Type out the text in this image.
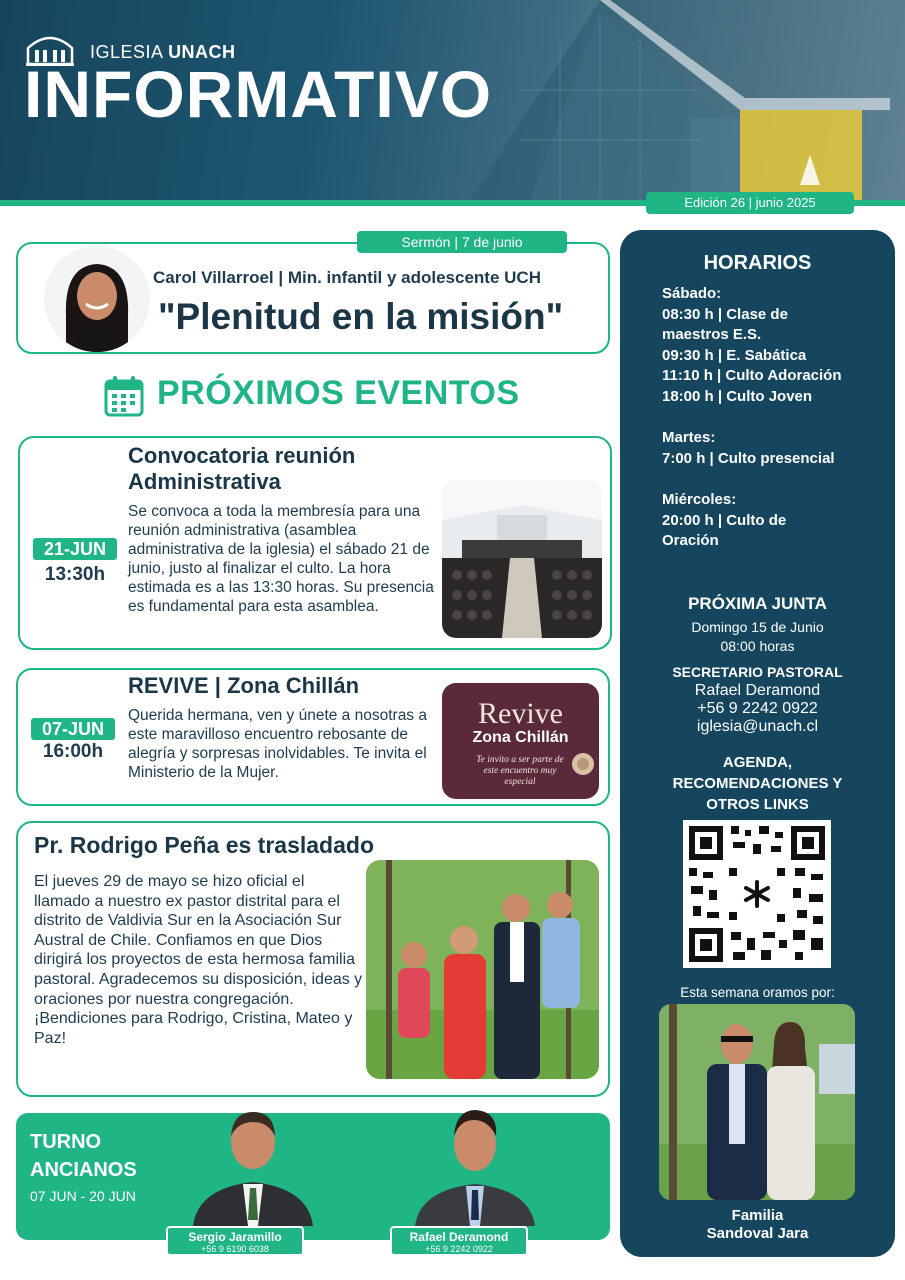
IGLESIA UNACH
INFORMATIVO
Edición 26 | junio 2025
Sermón | 7 de junio
Carol Villarroel | Min. infantil y adolescente UCH
"Plenitud en la misión"
PRÓXIMOS EVENTOS
21-JUN
13:30h
Convocatoria reunión Administrativa
Se convoca a toda la membresía para una reunión administrativa (asamblea administrativa de la iglesia) el sábado 21 de junio, justo al finalizar el culto. La hora estimada es a las 13:30 horas. Su presencia es fundamental para esta asamblea.
07-JUN
16:00h
REVIVE | Zona Chillán
Querida hermana, ven y únete a nosotras a este maravilloso encuentro rebosante de alegría y sorpresas inolvidables. Te invita el Ministerio de la Mujer.
Revive
Zona Chillán
Te invito a ser parte de este encuentro muy especial
Pr. Rodrigo Peña es trasladado
El jueves 29 de mayo se hizo oficial el llamado a nuestro ex pastor distrital para el distrito de Valdivia Sur en la Asociación Sur Austral de Chile. Confiamos en que Dios dirigirá los proyectos de esta hermosa familia pastoral. Agradecemos su disposición, ideas y oraciones por nuestra congregación. ¡Bendiciones para Rodrigo, Cristina, Mateo y Paz!
TURNO
ANCIANOS
07 JUN - 20 JUN
Sergio Jaramillo
+56 9 6190 6038
Rafael Deramond
+56 9 2242 0922
HORARIOS
Sábado:
08:30 h | Clase de
maestros E.S.
09:30 h | E. Sabática
11:10 h | Culto Adoración
18:00 h | Culto Joven
Martes:
7:00 h | Culto presencial
Miércoles:
20:00 h | Culto de
Oración
PRÓXIMA JUNTA
Domingo 15 de Junio
08:00 horas
SECRETARIO PASTORAL
Rafael Deramond
+56 9 2242 0922
iglesia@unach.cl
AGENDA,
RECOMENDACIONES Y
OTROS LINKS
Esta semana oramos por:
Familia
Sandoval Jara
